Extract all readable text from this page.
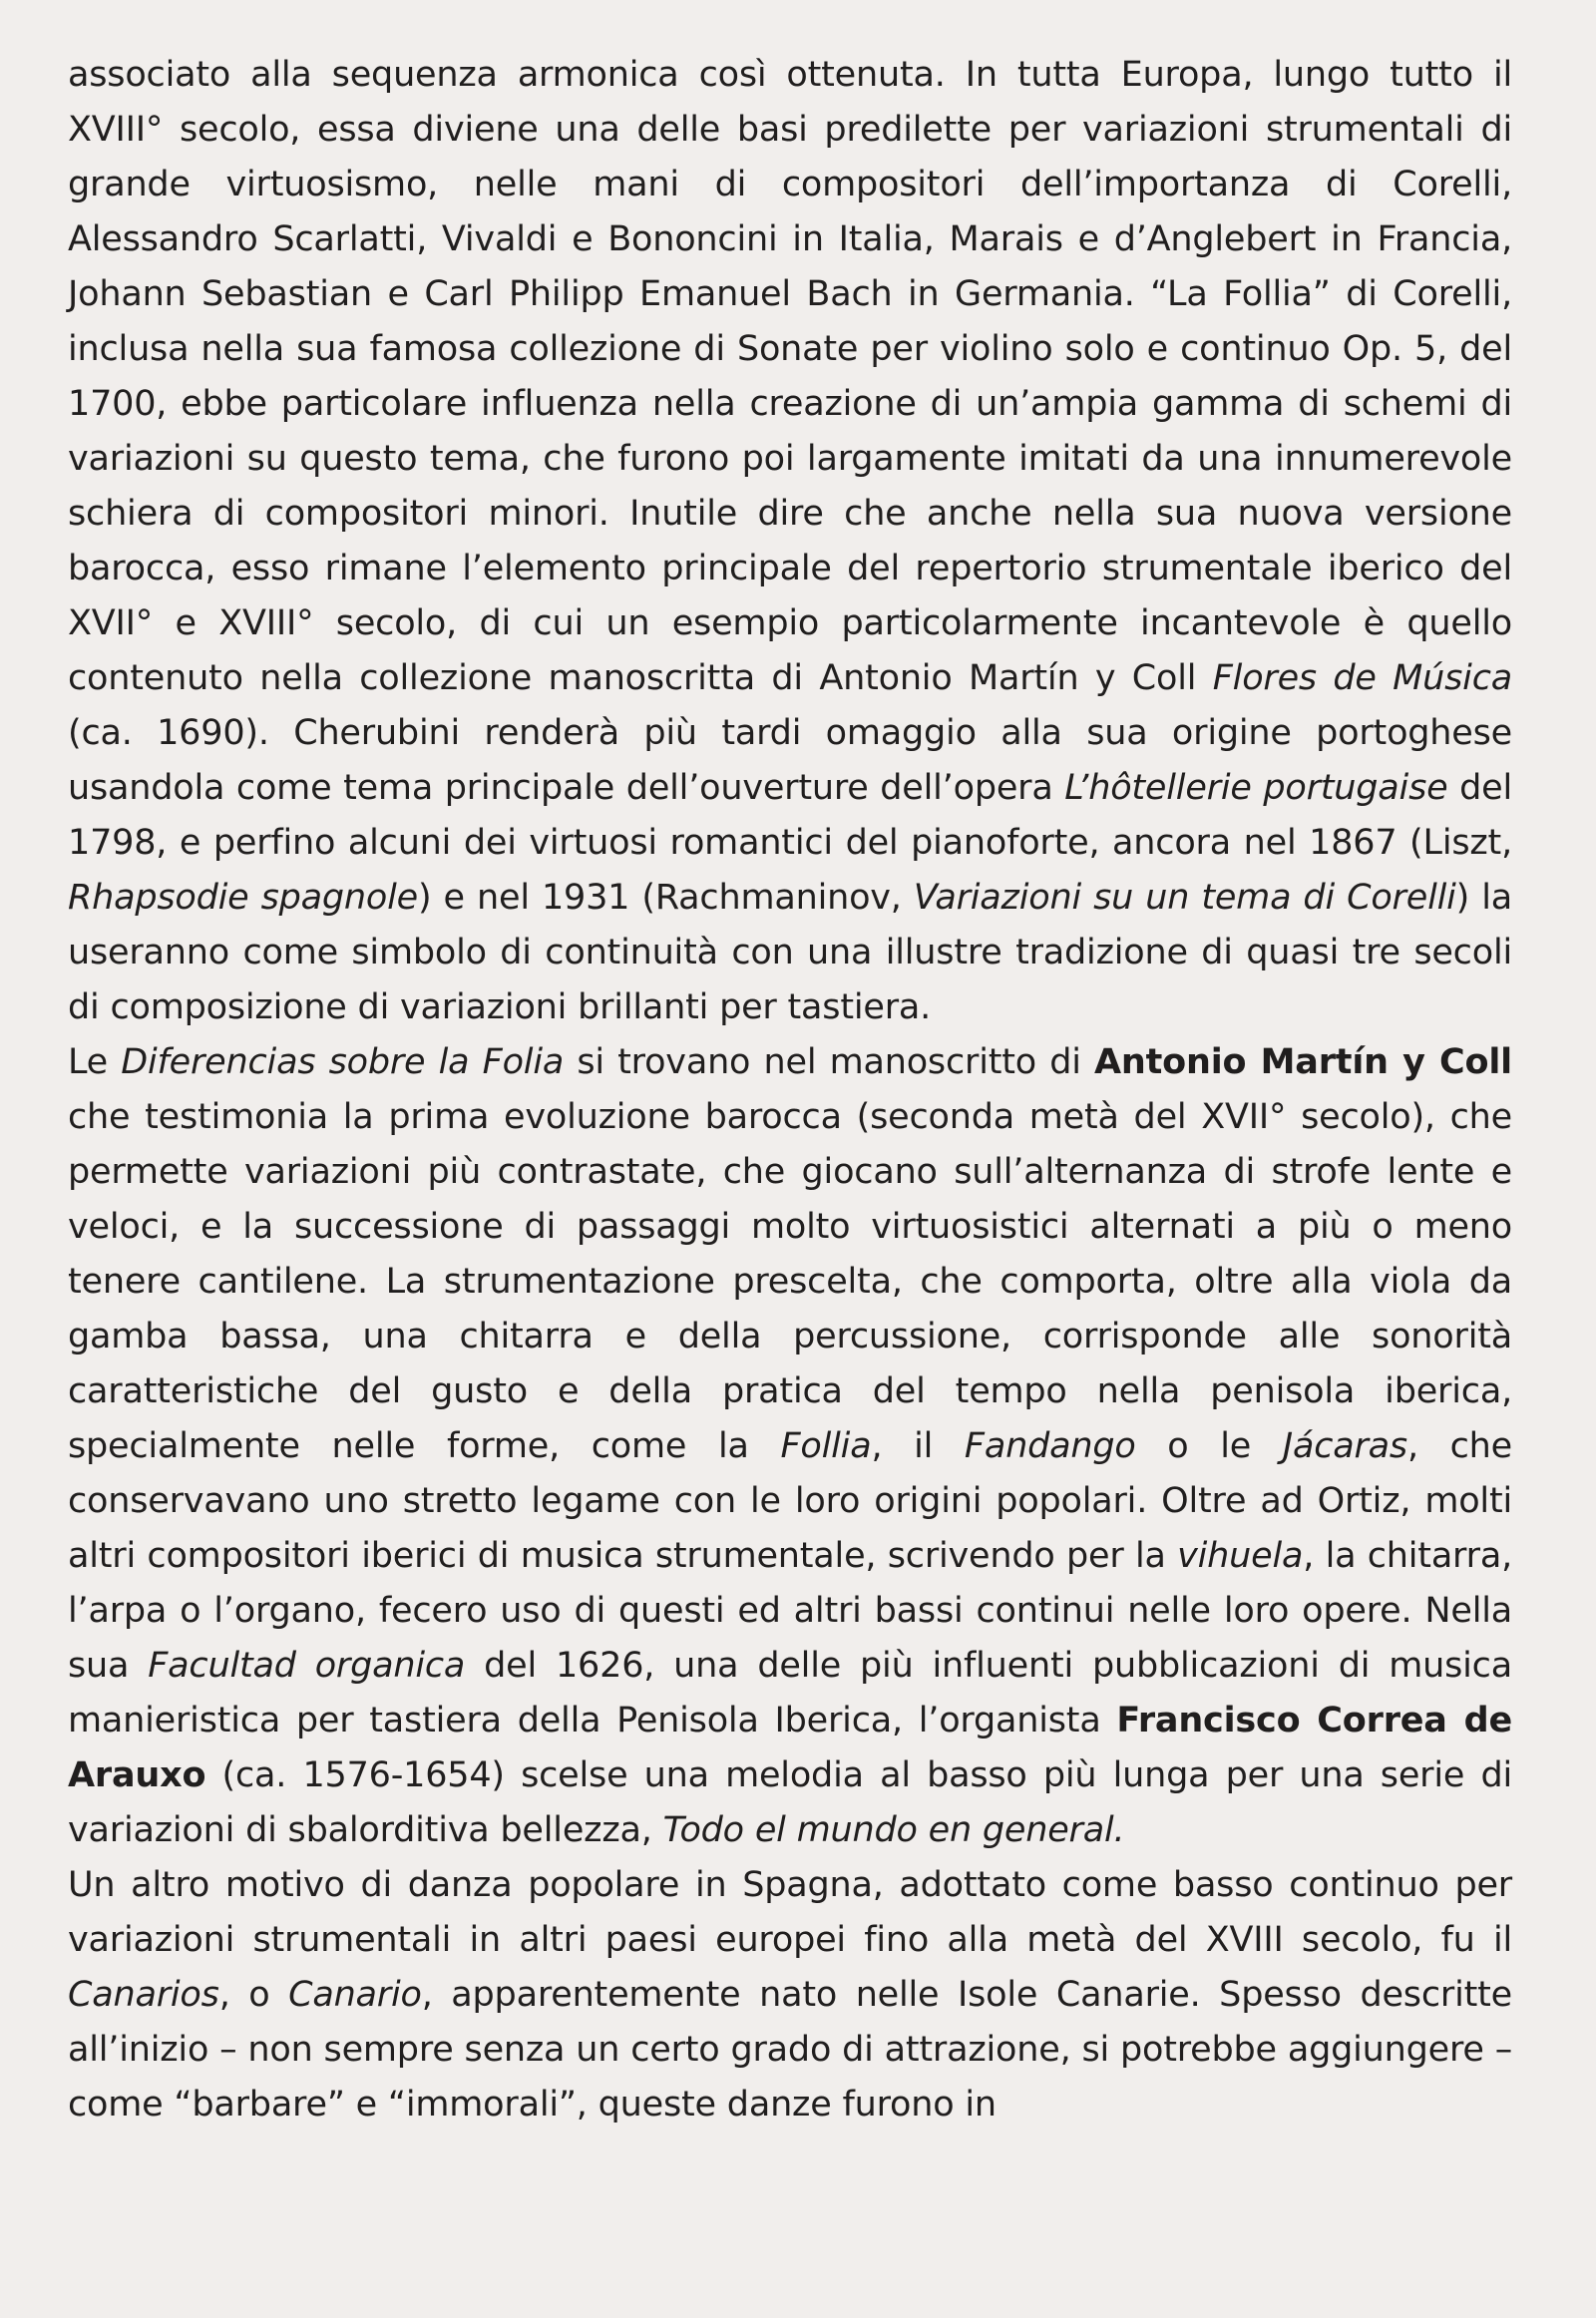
associato alla sequenza armonica così ottenuta. In tutta Europa, lungo tutto il XVIII° secolo, essa diviene una delle basi predilette per variazioni strumentali di grande virtuosismo, nelle mani di compositori dell’importanza di Corelli, Alessandro Scarlatti, Vivaldi e Bononcini in Italia, Marais e d’Anglebert in Francia, Johann Sebastian e Carl Philipp Emanuel Bach in Germania. “La Follia” di Corelli, inclusa nella sua famosa collezione di Sonate per violino solo e continuo Op. 5, del 1700, ebbe particolare influenza nella creazione di un’ampia gamma di schemi di variazioni su questo tema, che furono poi largamente imitati da una innumerevole schiera di compositori minori. Inutile dire che anche nella sua nuova versione barocca, esso rimane l’elemento principale del repertorio strumentale iberico del XVII° e XVIII° secolo, di cui un esempio particolarmente incantevole è quello contenuto nella collezione manoscritta di Antonio Martín y Coll Flores de Música (ca. 1690). Cherubini renderà più tardi omaggio alla sua origine portoghese usandola come tema principale dell’ouverture dell’opera L’hôtellerie portugaise del 1798, e perfino alcuni dei virtuosi romantici del pianoforte, ancora nel 1867 (Liszt, Rhapsodie spagnole) e nel 1931 (Rachmaninov, Variazioni su un tema di Corelli) la useranno come simbolo di continuità con una illustre tradizione di quasi tre secoli di composizione di variazioni brillanti per tastiera.

Le Diferencias sobre la Folia si trovano nel manoscritto di Antonio Martín y Coll che testimonia la prima evoluzione barocca (seconda metà del XVII° secolo), che permette variazioni più contrastate, che giocano sull’alternanza di strofe lente e veloci, e la successione di passaggi molto virtuosistici alternati a più o meno tenere cantilene. La strumentazione prescelta, che comporta, oltre alla viola da gamba bassa, una chitarra e della percussione, corrisponde alle sonorità caratteristiche del gusto e della pratica del tempo nella penisola iberica, specialmente nelle forme, come la Follia, il Fandango o le Jácaras, che conservavano uno stretto legame con le loro origini popolari. Oltre ad Ortiz, molti altri compositori iberici di musica strumentale, scrivendo per la vihuela, la chitarra, l’arpa o l’organo, fecero uso di questi ed altri bassi continui nelle loro opere. Nella sua Facultad organica del 1626, una delle più influenti pubblicazioni di musica manieristica per tastiera della Penisola Iberica, l’organista Francisco Correa de Arauxo (ca. 1576-1654) scelse una melodia al basso più lunga per una serie di variazioni di sbalorditiva bellezza, Todo el mundo en general.

Un altro motivo di danza popolare in Spagna, adottato come basso continuo per variazioni strumentali in altri paesi europei fino alla metà del XVIII secolo, fu il Canarios, o Canario, apparentemente nato nelle Isole Canarie. Spesso descritte all’inizio – non sempre senza un certo grado di attrazione, si potrebbe aggiungere – come “barbare” e “immorali”, queste danze furono in
